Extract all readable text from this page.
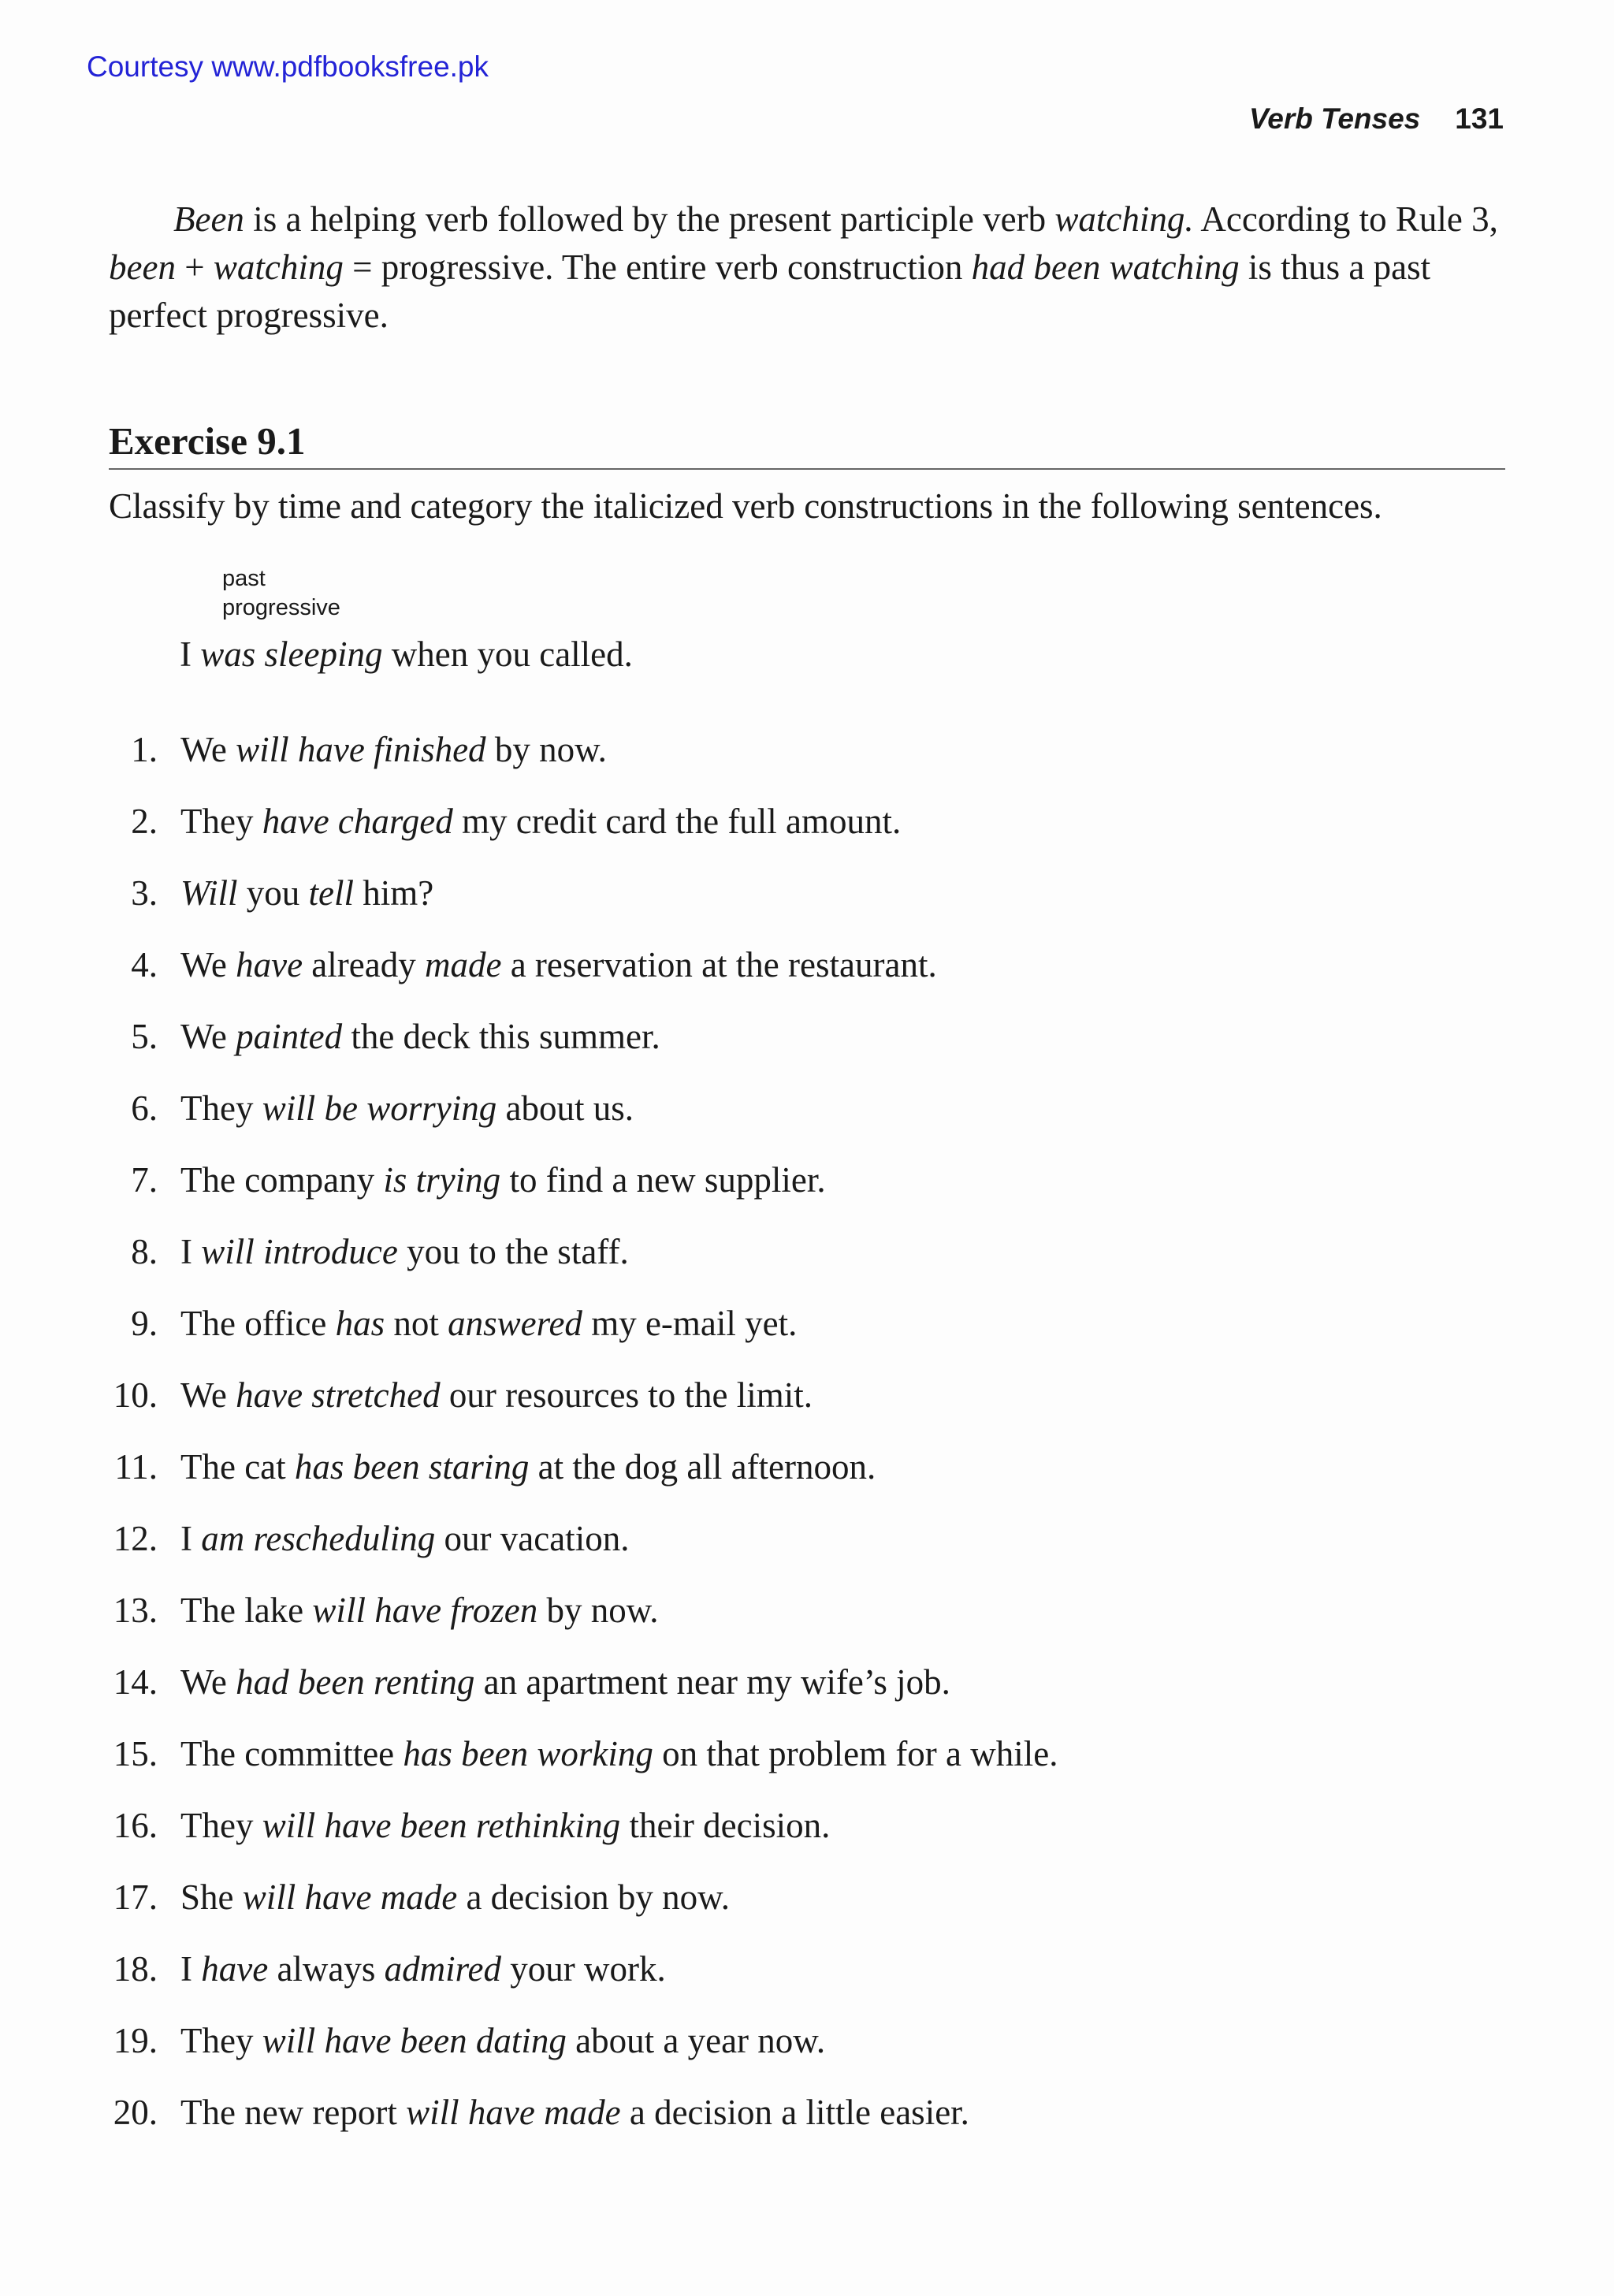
Courtesy www.pdfbooksfree.pk
Verb Tenses 131

Been is a helping verb followed by the present participle verb watching. According to Rule 3, been + watching = progressive. The entire verb construction had been watching is thus a past perfect progressive.

Exercise 9.1
Classify by time and category the italicized verb constructions in the following sentences.
past
progressive
I was sleeping when you called.
1. We will have finished by now.
2. They have charged my credit card the full amount.
3. Will you tell him?
4. We have already made a reservation at the restaurant.
5. We painted the deck this summer.
6. They will be worrying about us.
7. The company is trying to find a new supplier.
8. I will introduce you to the staff.
9. The office has not answered my e-mail yet.
10. We have stretched our resources to the limit.
11. The cat has been staring at the dog all afternoon.
12. I am rescheduling our vacation.
13. The lake will have frozen by now.
14. We had been renting an apartment near my wife’s job.
15. The committee has been working on that problem for a while.
16. They will have been rethinking their decision.
17. She will have made a decision by now.
18. I have always admired your work.
19. They will have been dating about a year now.
20. The new report will have made a decision a little easier.
